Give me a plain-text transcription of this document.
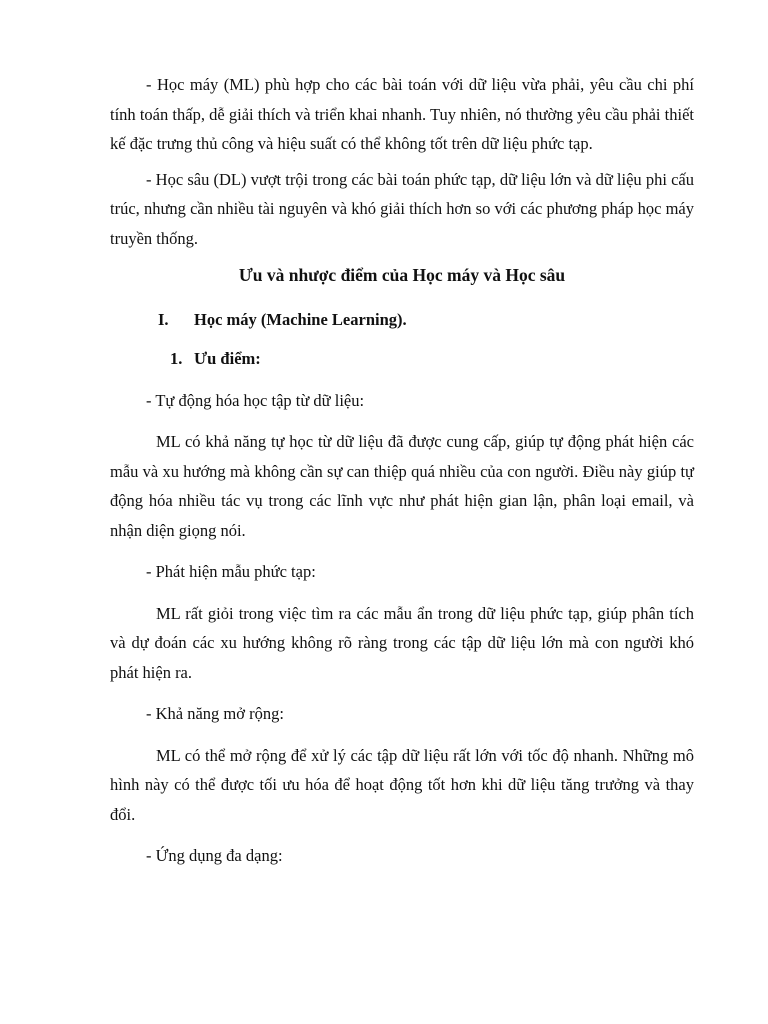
- Học máy (ML) phù hợp cho các bài toán với dữ liệu vừa phải, yêu cầu chi phí tính toán thấp, dễ giải thích và triển khai nhanh. Tuy nhiên, nó thường yêu cầu phải thiết kế đặc trưng thủ công và hiệu suất có thể không tốt trên dữ liệu phức tạp.

- Học sâu (DL) vượt trội trong các bài toán phức tạp, dữ liệu lớn và dữ liệu phi cấu trúc, nhưng cần nhiều tài nguyên và khó giải thích hơn so với các phương pháp học máy truyền thống.

Ưu và nhược điểm của Học máy và Học sâu

I.	Học máy (Machine Learning).
1. Ưu điểm:

- Tự động hóa học tập từ dữ liệu:

ML có khả năng tự học từ dữ liệu đã được cung cấp, giúp tự động phát hiện các mẫu và xu hướng mà không cần sự can thiệp quá nhiều của con người. Điều này giúp tự động hóa nhiều tác vụ trong các lĩnh vực như phát hiện gian lận, phân loại email, và nhận diện giọng nói.

- Phát hiện mẫu phức tạp:

ML rất giỏi trong việc tìm ra các mẫu ẩn trong dữ liệu phức tạp, giúp phân tích và dự đoán các xu hướng không rõ ràng trong các tập dữ liệu lớn mà con người khó phát hiện ra.

- Khả năng mở rộng:

ML có thể mở rộng để xử lý các tập dữ liệu rất lớn với tốc độ nhanh. Những mô hình này có thể được tối ưu hóa để hoạt động tốt hơn khi dữ liệu tăng trưởng và thay đổi.

- Ứng dụng đa dạng:
